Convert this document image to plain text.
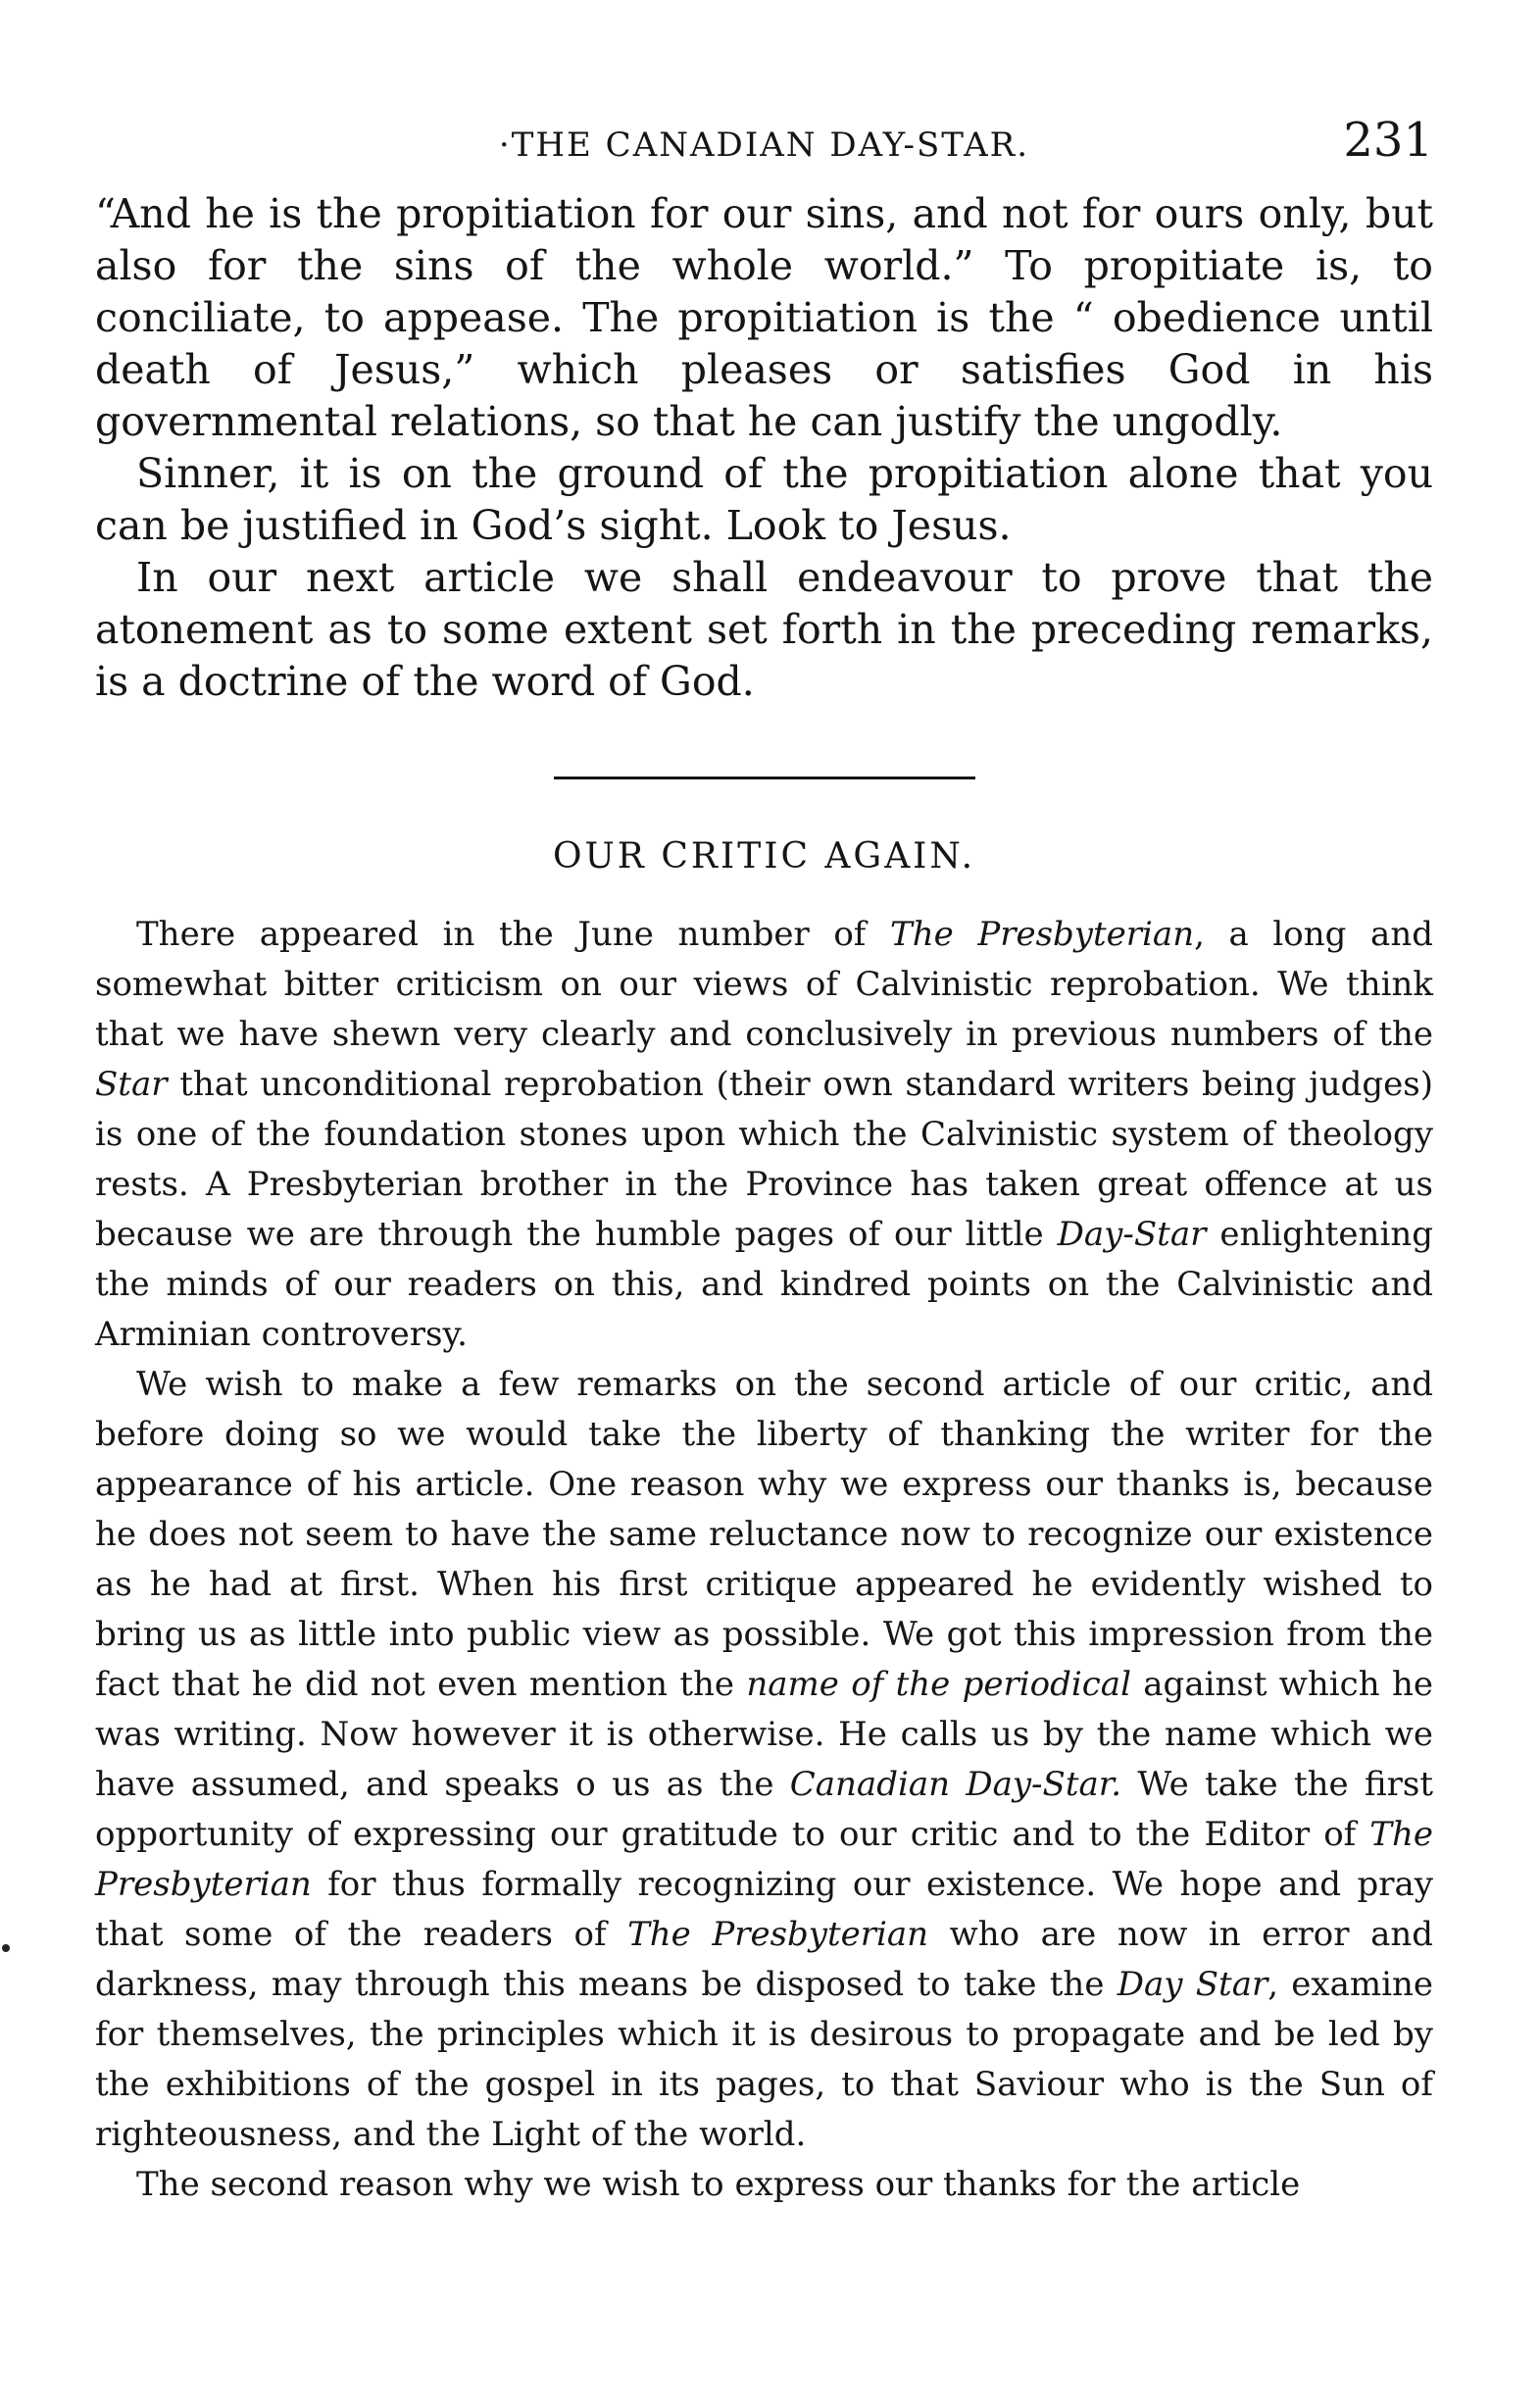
·THE CANADIAN DAY-STAR.	231

“And he is the propitiation for our sins, and not for ours only, but also for the sins of the whole world.” To propitiate is, to conciliate, to appease. The propitiation is the “ obedience until death of Jesus,” which pleases or satisfies God in his governmental relations, so that he can justify the ungodly.

Sinner, it is on the ground of the propitiation alone that you can be justified in God’s sight. Look to Jesus.

In our next article we shall endeavour to prove that the atonement as to some extent set forth in the preceding remarks, is a doctrine of the word of God.

OUR CRITIC AGAIN.

There appeared in the June number of The Presbyterian, a long and somewhat bitter criticism on our views of Calvinistic reprobation. We think that we have shewn very clearly and conclusively in previous numbers of the Star that unconditional reprobation (their own standard writers being judges) is one of the foundation stones upon which the Calvinistic system of theology rests. A Presbyterian brother in the Province has taken great offence at us because we are through the humble pages of our little Day-Star enlightening the minds of our readers on this, and kindred points on the Calvinistic and Arminian controversy.

We wish to make a few remarks on the second article of our critic, and before doing so we would take the liberty of thanking the writer for the appearance of his article. One reason why we express our thanks is, because he does not seem to have the same reluctance now to recognize our existence as he had at first. When his first critique appeared he evidently wished to bring us as little into public view as possible. We got this impression from the fact that he did not even mention the name of the periodical against which he was writing. Now however it is otherwise. He calls us by the name which we have assumed, and speaks o us as the Canadian Day-Star. We take the first opportunity of expressing our gratitude to our critic and to the Editor of The Presbyterian for thus formally recognizing our existence. We hope and pray that some of the readers of The Presbyterian who are now in error and darkness, may through this means be disposed to take the Day Star, examine for themselves, the principles which it is desirous to propagate and be led by the exhibitions of the gospel in its pages, to that Saviour who is the Sun of righteousness, and the Light of the world.

The second reason why we wish to express our thanks for the article
